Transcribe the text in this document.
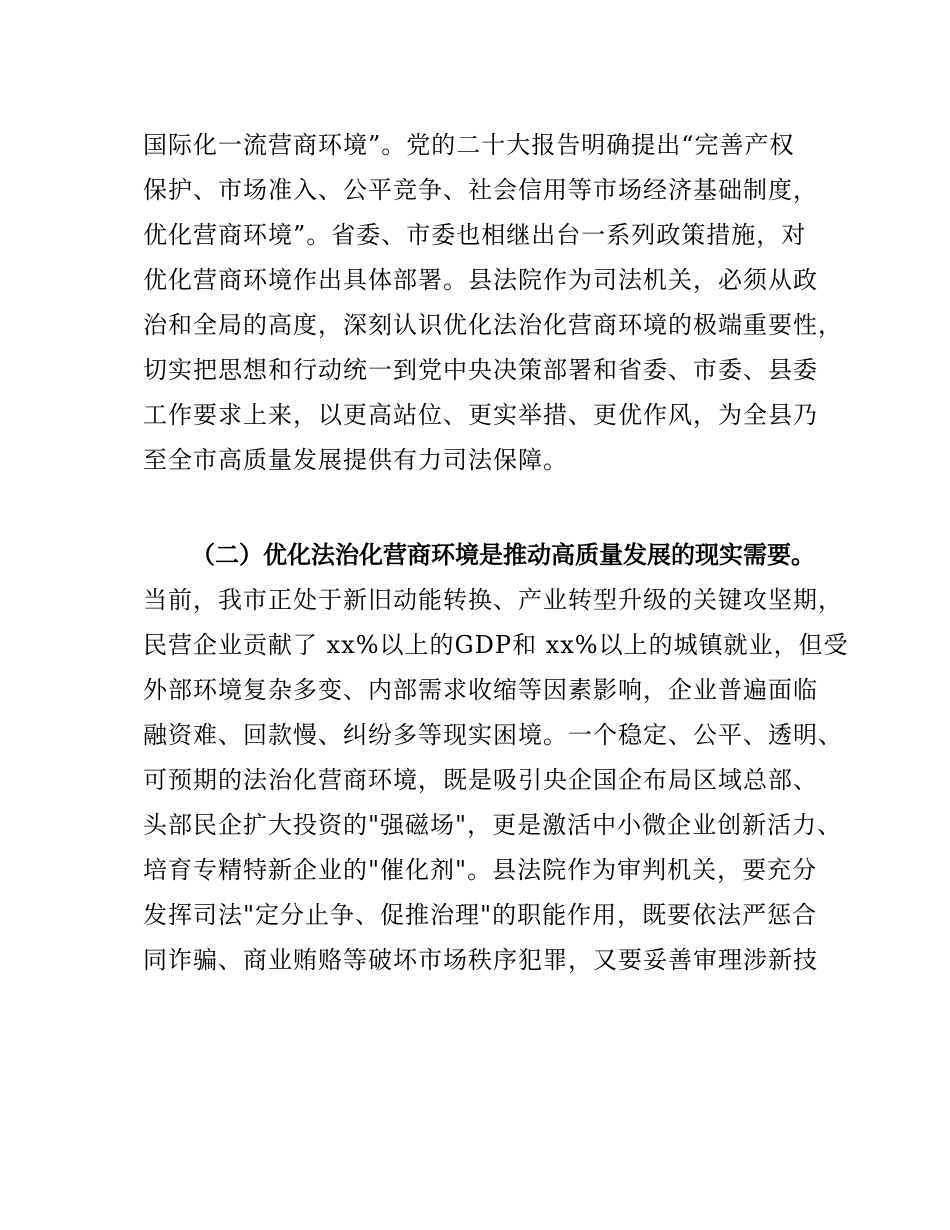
国际化一流营商环境”。党的二十大报告明确提出“完善产权
保护、市场准入、公平竞争、社会信用等市场经济基础制度，
优化营商环境”。省委、市委也相继出台一系列政策措施，对
优化营商环境作出具体部署。县法院作为司法机关，必须从政
治和全局的高度，深刻认识优化法治化营商环境的极端重要性，
切实把思想和行动统一到党中央决策部署和省委、市委、县委
工作要求上来，以更高站位、更实举措、更优作风，为全县乃
至全市高质量发展提供有力司法保障。
（二）优化法治化营商环境是推动高质量发展的现实需要。
当前，我市正处于新旧动能转换、产业转型升级的关键攻坚期，
民营企业贡献了 xx%以上的GDP和 xx%以上的城镇就业，但受
外部环境复杂多变、内部需求收缩等因素影响，企业普遍面临
融资难、回款慢、纠纷多等现实困境。一个稳定、公平、透明、
可预期的法治化营商环境，既是吸引央企国企布局区域总部、
头部民企扩大投资的"强磁场"，更是激活中小微企业创新活力、
培育专精特新企业的"催化剂"。县法院作为审判机关，要充分
发挥司法"定分止争、促推治理"的职能作用，既要依法严惩合
同诈骗、商业贿赂等破坏市场秩序犯罪，又要妥善审理涉新技
